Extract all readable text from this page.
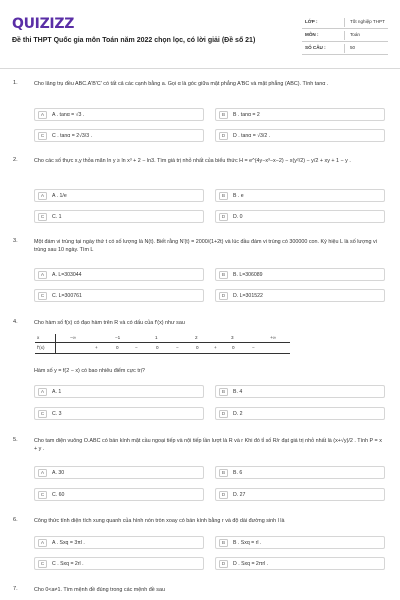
QUIZIZZ
Đề thi THPT Quốc gia môn Toán năm 2022 chọn lọc, có lời giải (Đề số 21)
LỚP :	Tốt nghiệp THPT
MÔN :	Toán
SỐ CÂU :	50
1.	Cho lăng trụ đều ABC.A'B'C' có tất cả các cạnh bằng a. Gọi α là góc giữa mặt phẳng A'BC và mặt phẳng (ABC). Tính tanα .
A	A . tanα = √3 .	B	B . tanα = 2
C	C . tanα = 2√3/3 .	D	D . tanα = √3/2 .
2.	Cho các số thực x,y thỏa mãn ln y ≥ ln x³ + 2 − ln3. Tìm giá trị nhỏ nhất của biểu thức H = e^(4y−x³−x−2) − x(y²/2) − y/2 + xy + 1 − y .
A	A . 1/e	B	B . e
C	C. 1	D	D. 0
3.	Một đám vi trùng tại ngày thứ t có số lượng là N(t). Biết rằng N'(t) = 2000/(1+2t) và lúc đầu đám vi trùng có 300000 con. Ký hiệu L là số lượng vi trùng sau 10 ngày. Tìm L
A	A. L=303044	B	B. L=306089
C	C. L=300761	D	D. L=301522
4.	Cho hàm số f(x) có đạo hàm trên R và có dấu của f'(x) như sau
x	−∞	−1	1	2	3	+∞
f'(x)	+	0	−	0	−	0	+	0	−
Hàm số y = f(2 − x) có bao nhiêu điểm cực trị?
A	A. 1	B	B. 4
C	C. 3	D	D. 2
5.	Cho tam diện vuông O.ABC có bán kính mặt cầu ngoại tiếp và nội tiếp lần lượt là R và r Khi đó tỉ số R/r đạt giá trị nhỏ nhất là (x+√y)/2 . Tính P = x + y .
A	A. 30	B	B. 6
C	C. 60	D	D. 27
6.	Công thức tính diện tích xung quanh của hình nón tròn xoay có bán kính bằng r và độ dài đường sinh l là
A	A . Sxq = 3πl .	B	B . Sxq = rl .
C	C . Sxq = 2rl .	D	D . Sxq = 2πrl .
7.	Cho 0<a≠1. Tìm mệnh đề đúng trong các mệnh đề sau
